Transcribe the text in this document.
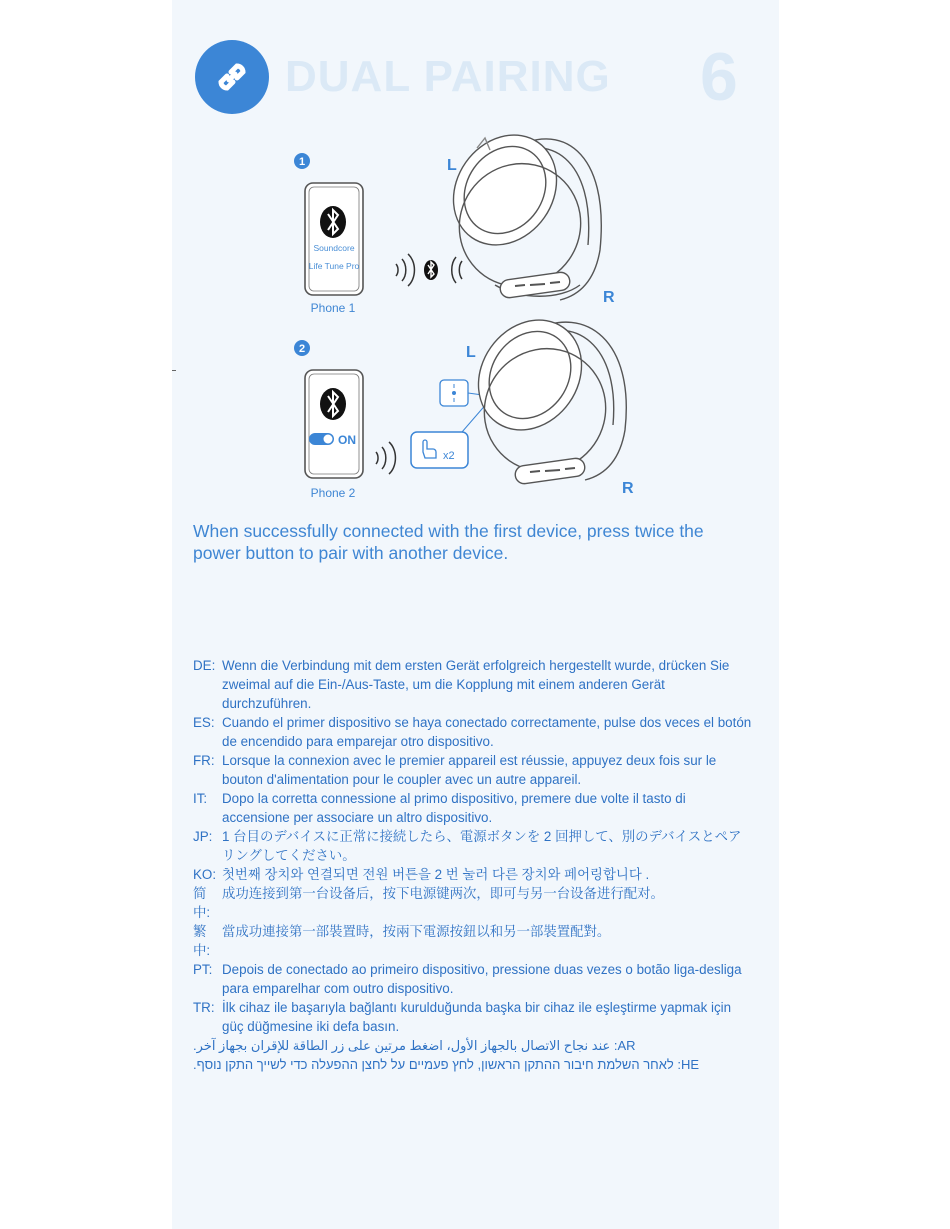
DUAL PAIRING 6
1
Soundcore
Life Tune Pro
Phone 1
L
R
2
ON
Phone 2
x2
L
R
When successfully connected with the first device, press twice the power button to pair with another device.
DE: Wenn die Verbindung mit dem ersten Gerät erfolgreich hergestellt wurde, drücken Sie zweimal auf die Ein-/Aus-Taste, um die Kopplung mit einem anderen Gerät durchzuführen.
ES: Cuando el primer dispositivo se haya conectado correctamente, pulse dos veces el botón de encendido para emparejar otro dispositivo.
FR: Lorsque la connexion avec le premier appareil est réussie, appuyez deux fois sur le bouton d'alimentation pour le coupler avec un autre appareil.
IT:	Dopo la corretta connessione al primo dispositivo, premere due volte il tasto di accensione per associare un altro dispositivo.
JP: 1 台目のデバイスに正常に接続したら、電源ボタンを 2 回押して、別のデバイスとペアリングしてください。
KO: 첫번째 장치와 연결되면 전원 버튼을 2 번 눌러 다른 장치와 페어링합니다 .
简中:
成功连接到第一台设备后，按下电源键两次，即可与另一台设备进行配对。
繁中:
當成功連接第一部裝置時，按兩下電源按鈕以和另一部裝置配對。
PT: Depois de conectado ao primeiro dispositivo, pressione duas vezes o botão liga-desliga para emparelhar com outro dispositivo.
TR: İlk cihaz ile başarıyla bağlantı kurulduğunda başka bir cihaz ile eşleştirme yapmak için güç düğmesine iki defa basın.
AR: عند نجاح الاتصال بالجهاز الأول، اضغط مرتين على زر الطاقة للإقران بجهاز آخر.
HE: לאחר השלמת חיבור ההתקן הראשון, לחץ פעמיים על לחצן ההפעלה כדי לשייך התקן נוסף.
